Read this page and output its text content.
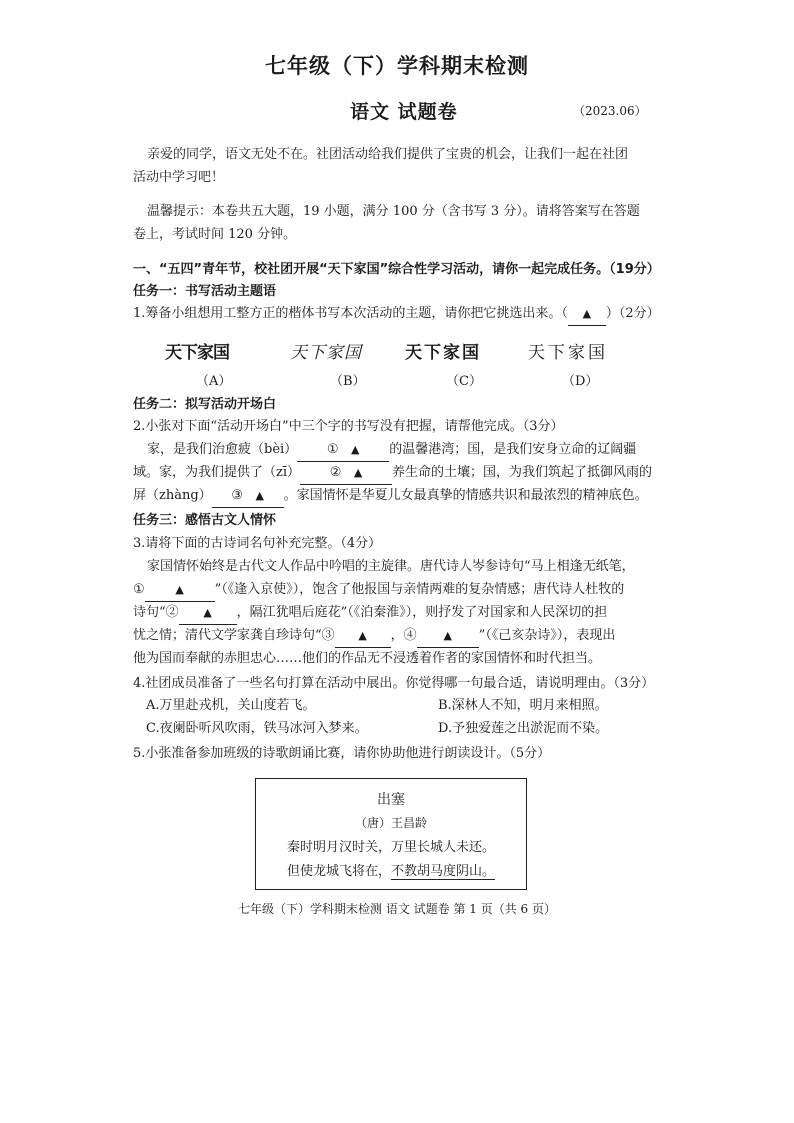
七年级（下）学科期末检测
语文 试题卷	（2023.06）
亲爱的同学，语文无处不在。社团活动给我们提供了宝贵的机会，让我们一起在社团
活动中学习吧！
温馨提示：本卷共五大题，19 小题，满分 100 分（含书写 3 分）。请将答案写在答题
卷上，考试时间 120 分钟。
一、“五四”青年节，校社团开展“天下家国”综合性学习活动，请你一起完成任务。（19分）
任务一：书写活动主题语
1.筹备小组想用工整方正的楷体书写本次活动的主题，请你把它挑选出来。（ ▲ ）（2分）
天下家国	天下家国	天下家国	天下家国
（A）	（B）	（C）	（D）
任务二：拟写活动开场白
2.小张对下面“活动开场白”中三个字的书写没有把握，请帮他完成。（3分）
家，是我们治愈疲（bèi） ① ▲ 的温馨港湾；国，是我们安身立命的辽阔疆
域。家，为我们提供了（zī） ② ▲ 养生命的土壤；国，为我们筑起了抵御风雨的
屏（zhàng） ③ ▲ 。家国情怀是华夏儿女最真挚的情感共识和最浓烈的精神底色。
任务三：感悟古文人情怀
3.请将下面的古诗词名句补充完整。（4分）
家国情怀始终是古代文人作品中吟唱的主旋律。唐代诗人岑参诗句“马上相逢无纸笔，
①	▲ ”（《逢入京使》），饱含了他报国与亲情两难的复杂情感；唐代诗人杜牧的
诗句“② ▲ ，隔江犹唱后庭花”（《泊秦淮》），则抒发了对国家和人民深切的担
忧之情；清代文学家龚自珍诗句“③ ▲ ，④ ▲ ”（《己亥杂诗》），表现出
他为国而奉献的赤胆忠心……他们的作品无不浸透着作者的家国情怀和时代担当。
4.社团成员准备了一些名句打算在活动中展出。你觉得哪一句最合适，请说明理由。（3分）
A.万里赴戎机，关山度若飞。	B.深林人不知，明月来相照。
C.夜阑卧听风吹雨，铁马冰河入梦来。	D.予独爱莲之出淤泥而不染。
5.小张准备参加班级的诗歌朗诵比赛，请你协助他进行朗读设计。（5分）
出塞
（唐）王昌龄
秦时明月汉时关，万里长城人未还。
但使龙城飞将在，不教胡马度阴山。
七年级（下）学科期末检测 语文 试题卷 第 1 页（共 6 页）
